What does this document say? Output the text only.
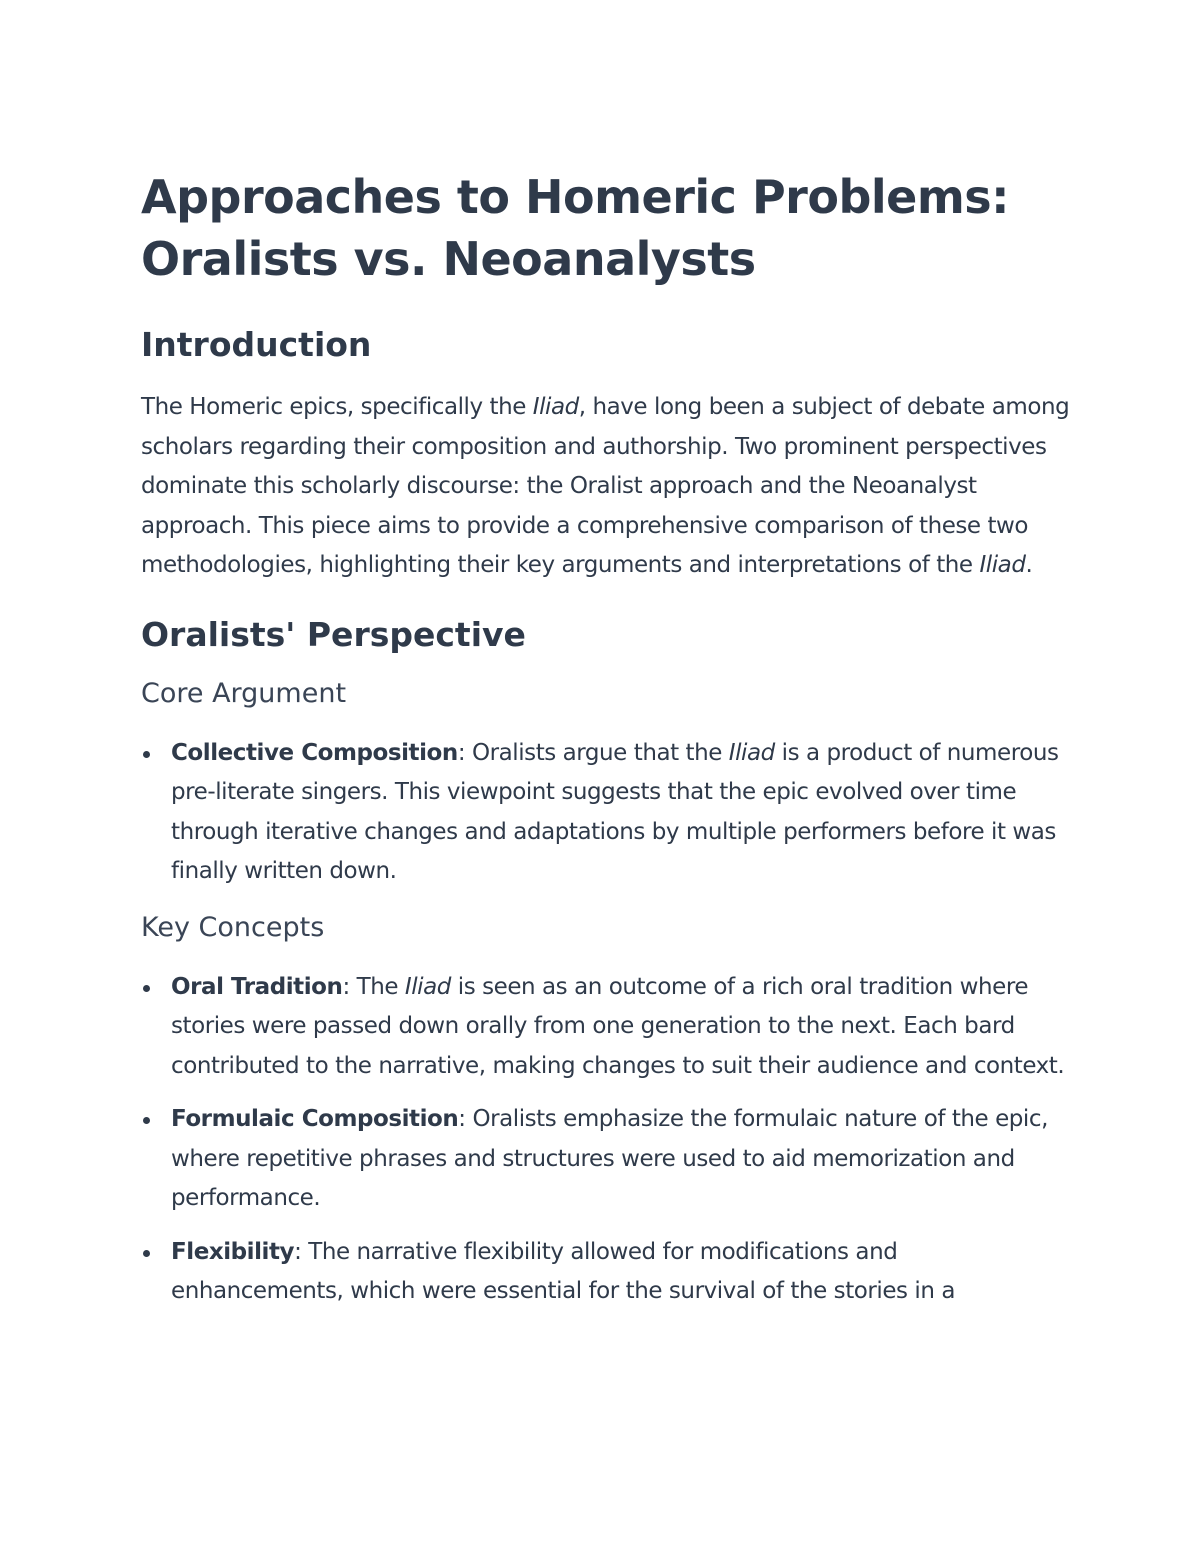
Approaches to Homeric Problems:
Oralists vs. Neoanalysts
Introduction

The Homeric epics, specifically the Iliad, have long been a subject of debate among scholars regarding their composition and authorship. Two prominent perspectives dominate this scholarly discourse: the Oralist approach and the Neoanalyst approach. This piece aims to provide a comprehensive comparison of these two methodologies, highlighting their key arguments and interpretations of the Iliad.

Oralists' Perspective
Core Argument
Collective Composition: Oralists argue that the Iliad is a product of numerous pre-literate singers. This viewpoint suggests that the epic evolved over time through iterative changes and adaptations by multiple performers before it was finally written down.
Key Concepts
Oral Tradition: The Iliad is seen as an outcome of a rich oral tradition where stories were passed down orally from one generation to the next. Each bard contributed to the narrative, making changes to suit their audience and context.
Formulaic Composition: Oralists emphasize the formulaic nature of the epic, where repetitive phrases and structures were used to aid memorization and performance.
Flexibility: The narrative flexibility allowed for modifications and enhancements, which were essential for the survival of the stories in a
